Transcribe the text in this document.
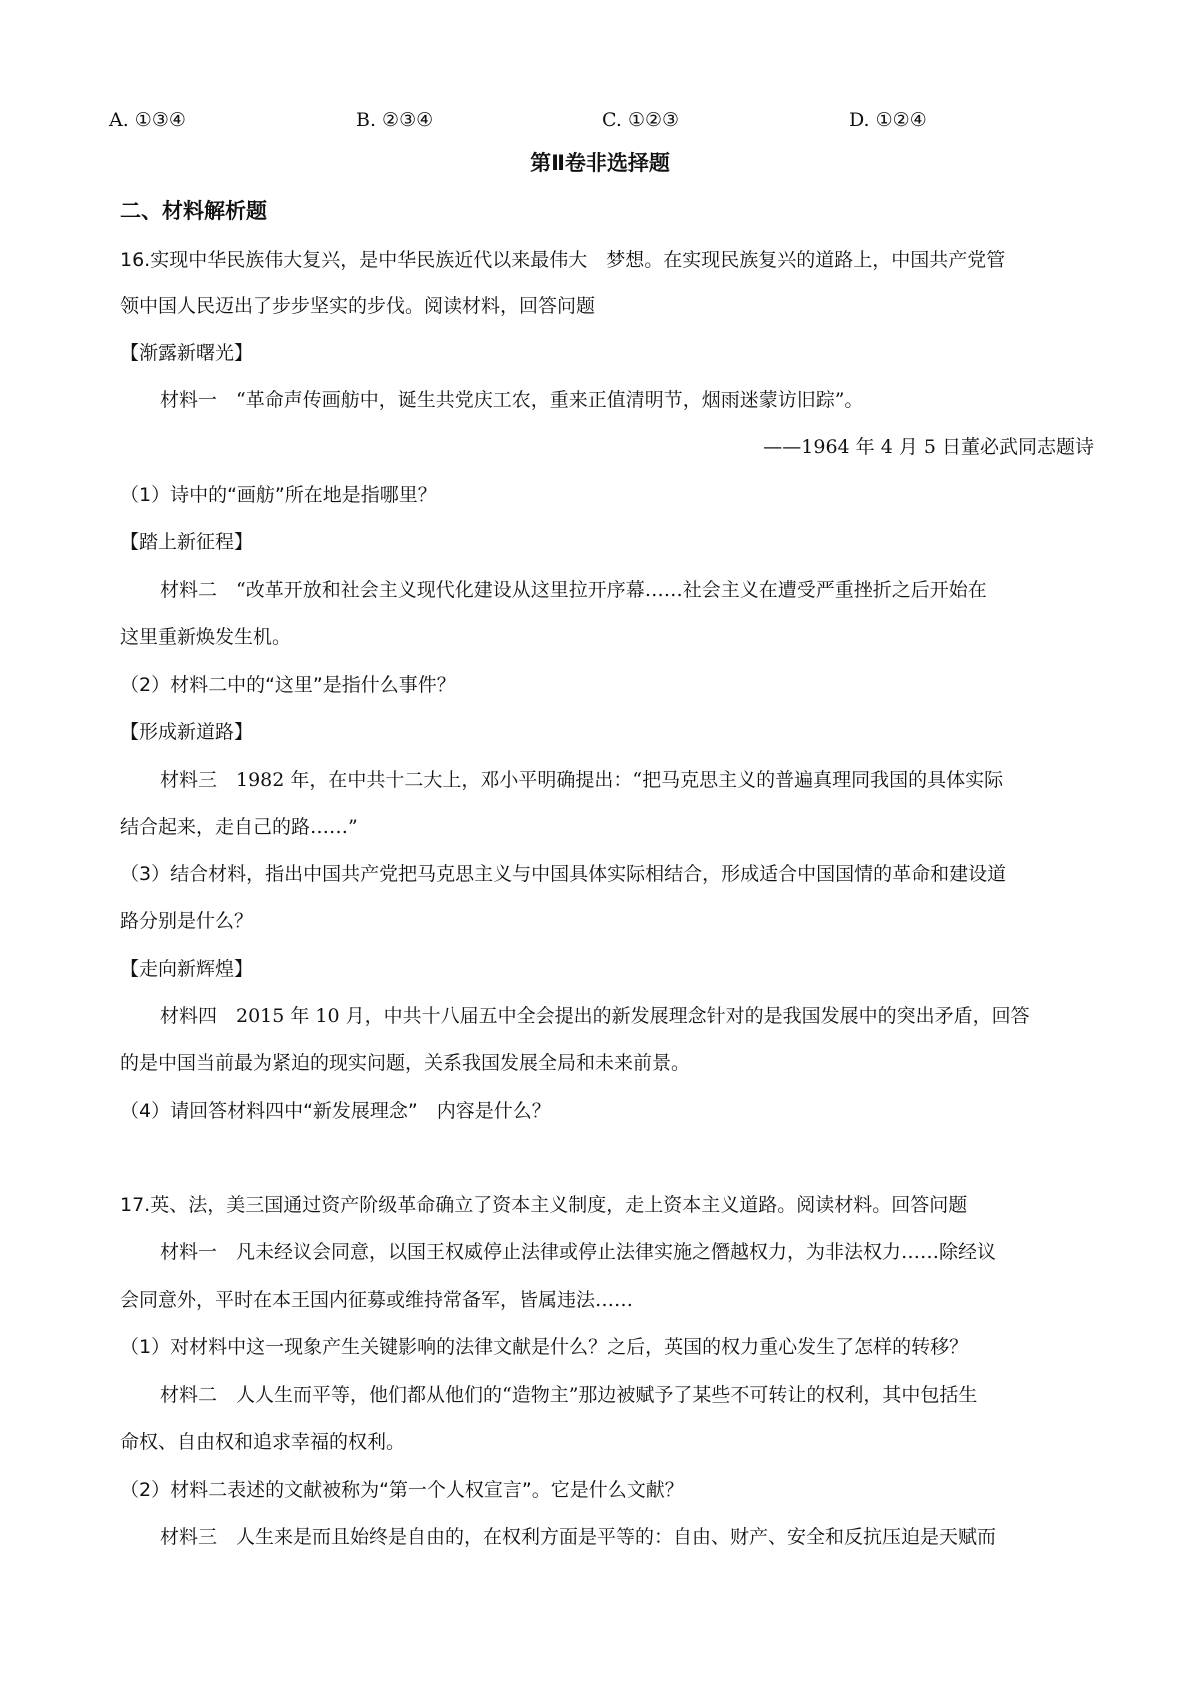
A. ①③④	B. ②③④	C. ①②③	D. ①②④
第Ⅱ卷非选择题
二、材料解析题
16.实现中华民族伟大复兴，是中华民族近代以来最伟大　梦想。在实现民族复兴的道路上，中国共产党管
领中国人民迈出了步步坚实的步伐。阅读材料，回答问题
【渐露新曙光】
材料一　“革命声传画舫中，诞生共党庆工农，重来正值清明节，烟雨迷蒙访旧踪”。
——1964 年 4 月 5 日董必武同志题诗
（1）诗中的“画舫”所在地是指哪里？
【踏上新征程】
材料二　“改革开放和社会主义现代化建设从这里拉开序幕……社会主义在遭受严重挫折之后开始在
这里重新焕发生机。
（2）材料二中的“这里”是指什么事件？
【形成新道路】
材料三　1982 年，在中共十二大上，邓小平明确提出：“把马克思主义的普遍真理同我国的具体实际
结合起来，走自己的路……”
（3）结合材料，指出中国共产党把马克思主义与中国具体实际相结合，形成适合中国国情的革命和建设道
路分别是什么？
【走向新辉煌】
材料四　2015 年 10 月，中共十八届五中全会提出的新发展理念针对的是我国发展中的突出矛盾，回答
的是中国当前最为紧迫的现实问题，关系我国发展全局和未来前景。
（4）请回答材料四中“新发展理念”　内容是什么？
17.英、法，美三国通过资产阶级革命确立了资本主义制度，走上资本主义道路。阅读材料。回答问题
材料一　凡未经议会同意，以国王权威停止法律或停止法律实施之僭越权力，为非法权力……除经议
会同意外，平时在本王国内征募或维持常备军，皆属违法……
（1）对材料中这一现象产生关键影响的法律文献是什么？之后，英国的权力重心发生了怎样的转移？
材料二　人人生而平等，他们都从他们的“造物主”那边被赋予了某些不可转让的权利，其中包括生
命权、自由权和追求幸福的权利。
（2）材料二表述的文献被称为“第一个人权宣言”。它是什么文献？
材料三　人生来是而且始终是自由的，在权利方面是平等的：自由、财产、安全和反抗压迫是天赋而
